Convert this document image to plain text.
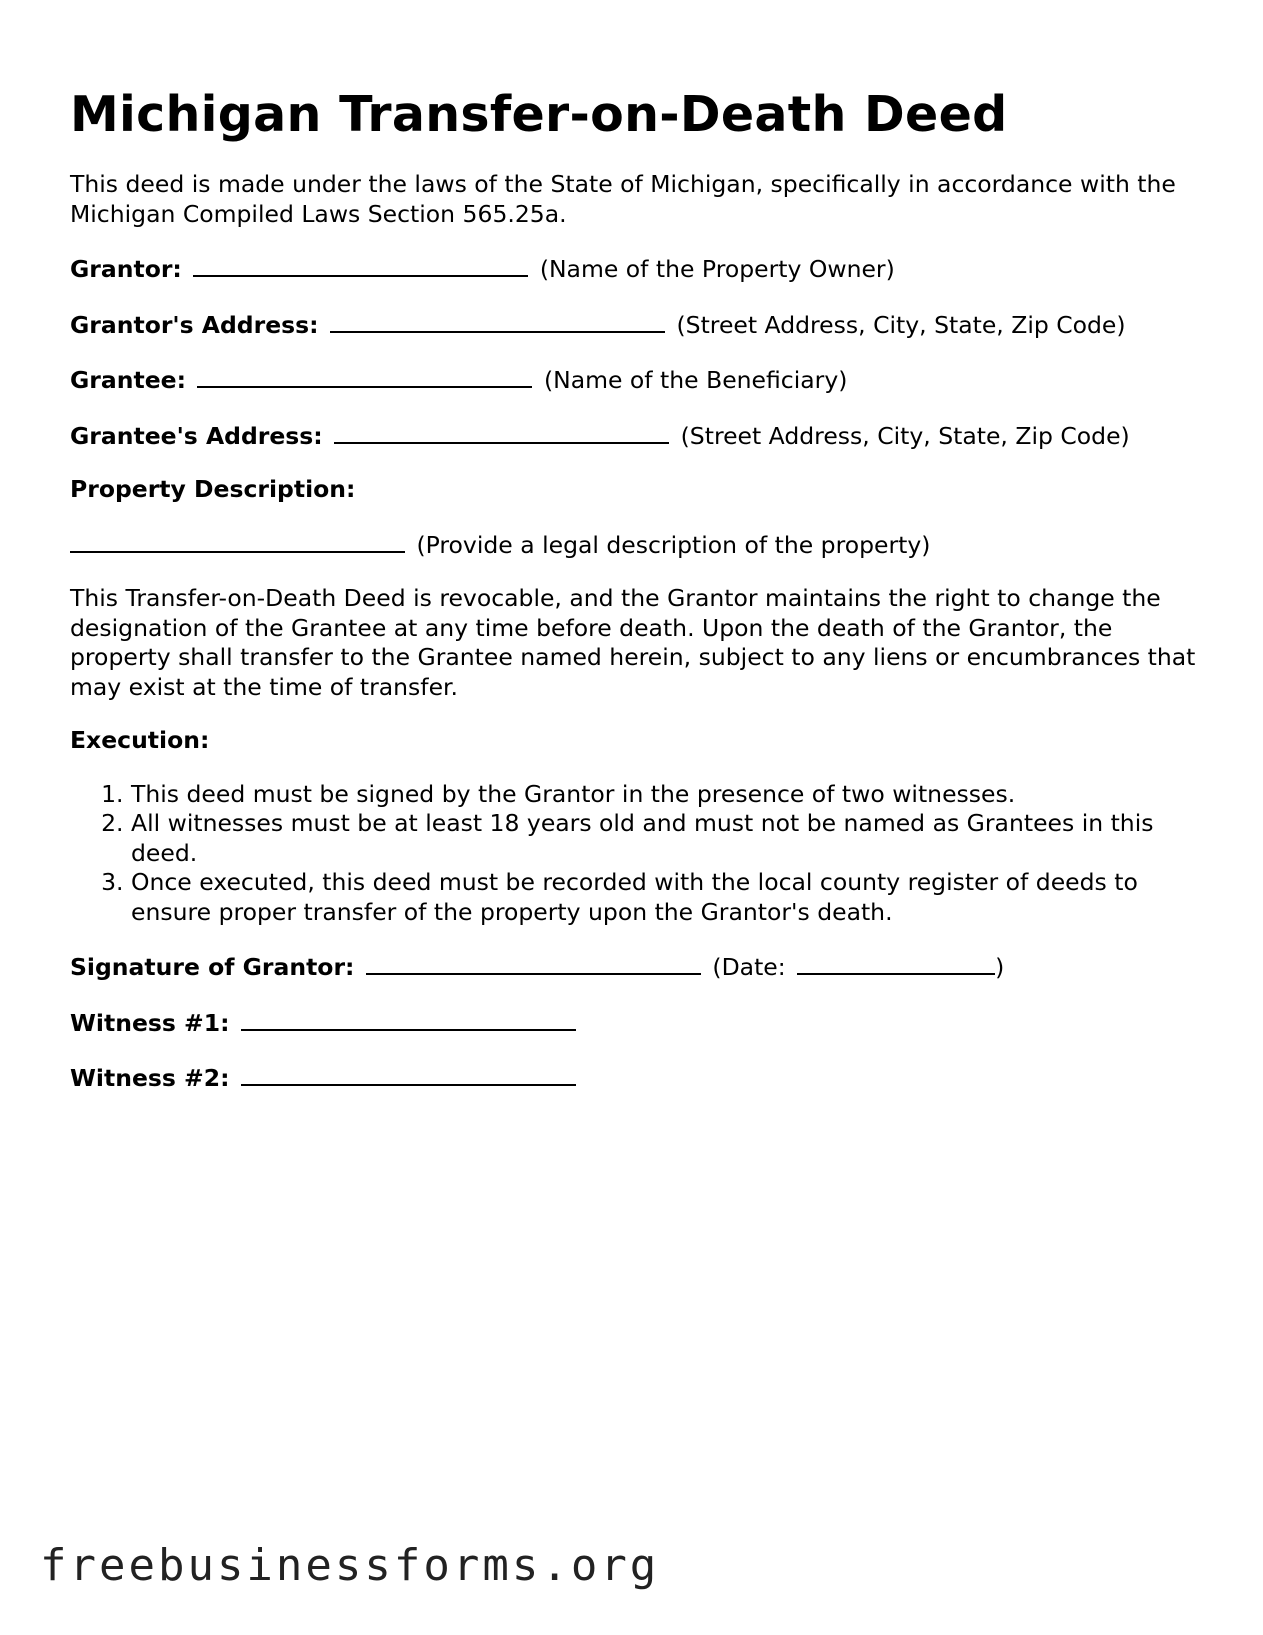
Michigan Transfer-on-Death Deed

This deed is made under the laws of the State of Michigan, specifically in accordance with the Michigan Compiled Laws Section 565.25a.

Grantor:	(Name of the Property Owner)
Grantor's Address:	(Street Address, City, State, Zip Code)
Grantee:	(Name of the Beneficiary)
Grantee's Address:	(Street Address, City, State, Zip Code)
Property Description:
(Provide a legal description of the property)

This Transfer-on-Death Deed is revocable, and the Grantor maintains the right to change the designation of the Grantee at any time before death. Upon the death of the Grantor, the property shall transfer to the Grantee named herein, subject to any liens or encumbrances that may exist at the time of transfer.

Execution:
1. This deed must be signed by the Grantor in the presence of two witnesses.
2. All witnesses must be at least 18 years old and must not be named as Grantees in this deed.
3. Once executed, this deed must be recorded with the local county register of deeds to ensure proper transfer of the property upon the Grantor's death.
Signature of Grantor:	(Date:	)
Witness #1:
Witness #2:
freebusinessforms.org
